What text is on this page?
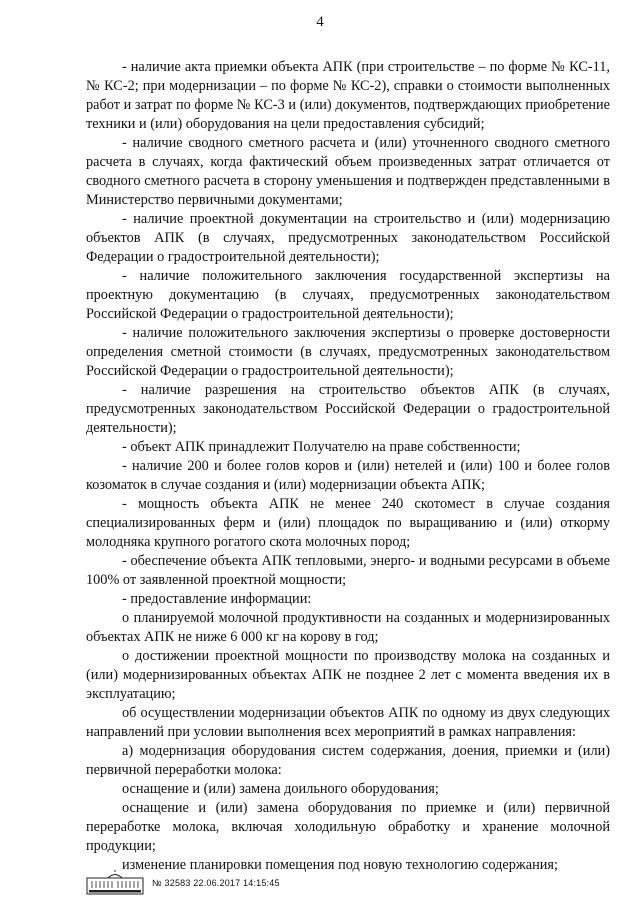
4

- наличие акта приемки объекта АПК (при строительстве – по форме № КС-11, № КС-2; при модернизации – по форме № КС-2), справки о стоимости выполненных работ и затрат по форме № КС-3 и (или) документов, подтверждающих приобретение техники и (или) оборудования на цели предоставления субсидий;

- наличие сводного сметного расчета и (или) уточненного сводного сметного расчета в случаях, когда фактический объем произведенных затрат отличается от сводного сметного расчета в сторону уменьшения и подтвержден представленными в Министерство первичными документами;

- наличие проектной документации на строительство и (или) модернизацию объектов АПК (в случаях, предусмотренных законодательством Российской Федерации о градостроительной деятельности);

- наличие положительного заключения государственной экспертизы на проектную документацию (в случаях, предусмотренных законодательством Российской Федерации о градостроительной деятельности);

- наличие положительного заключения экспертизы о проверке достоверности определения сметной стоимости (в случаях, предусмотренных законодательством Российской Федерации о градостроительной деятельности);

- наличие разрешения на строительство объектов АПК (в случаях, предусмотренных законодательством Российской Федерации о градостроительной деятельности);

- объект АПК принадлежит Получателю на праве собственности;

- наличие 200 и более голов коров и (или) нетелей и (или) 100 и более голов козоматок в случае создания и (или) модернизации объекта АПК;

- мощность объекта АПК не менее 240 скотомест в случае создания специализированных ферм и (или) площадок по выращиванию и (или) откорму молодняка крупного рогатого скота молочных пород;

- обеспечение объекта АПК тепловыми, энерго- и водными ресурсами в объеме 100% от заявленной проектной мощности;

- предоставление информации:

о планируемой молочной продуктивности на созданных и модернизированных объектах АПК не ниже 6 000 кг на корову в год;

о достижении проектной мощности по производству молока на созданных и (или) модернизированных объектах АПК не позднее 2 лет с момента введения их в эксплуатацию;

об осуществлении модернизации объектов АПК по одному из двух следующих направлений при условии выполнения всех мероприятий в рамках направления:

а) модернизация оборудования систем содержания, доения, приемки и (или) первичной переработки молока:

оснащение и (или) замена доильного оборудования;

оснащение и (или) замена оборудования по приемке и (или) первичной переработке молока, включая холодильную обработку и хранение молочной продукции;

изменение планировки помещения под новую технологию содержания;

№ 32583 22.06.2017 14:15:45
